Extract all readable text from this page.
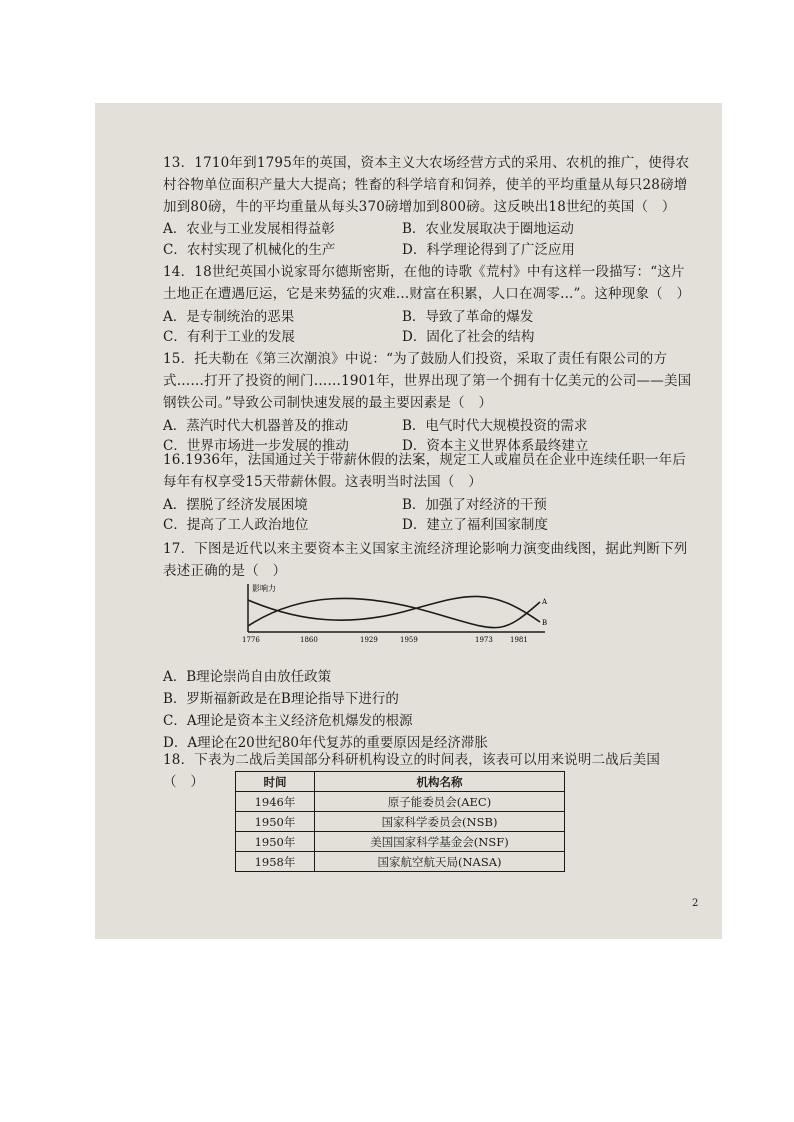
13．1710年到1795年的英国，资本主义大农场经营方式的采用、农机的推广，使得农村谷物单位面积产量大大提高；牲畜的科学培育和饲养，使羊的平均重量从每只28磅增加到80磅，牛的平均重量从每头370磅增加到800磅。这反映出18世纪的英国（　）
A．农业与工业发展相得益彰	B．农业发展取决于圈地运动
C．农村实现了机械化的生产	D．科学理论得到了广泛应用
14．18世纪英国小说家哥尔德斯密斯，在他的诗歌《荒村》中有这样一段描写：“这片土地正在遭遇厄运，它是来势猛的灾难...财富在积累，人口在凋零...”。这种现象（　）
A．是专制统治的恶果	B．导致了革命的爆发
C．有利于工业的发展	D．固化了社会的结构
15．托夫勒在《第三次潮浪》中说：“为了鼓励人们投资，采取了责任有限公司的方式……打开了投资的闸门……1901年，世界出现了第一个拥有十亿美元的公司——美国钢铁公司。”导致公司制快速发展的最主要因素是（　）
A．蒸汽时代大机器普及的推动	B．电气时代大规模投资的需求
C．世界市场进一步发展的推动	D．资本主义世界体系最终建立
16.1936年，法国通过关于带薪休假的法案，规定工人或雇员在企业中连续任职一年后每年有权享受15天带薪休假。这表明当时法国（　）
A．摆脱了经济发展困境	B．加强了对经济的干预
C．提高了工人政治地位	D．建立了福利国家制度
17．下图是近代以来主要资本主义国家主流经济理论影响力演变曲线图，据此判断下列表述正确的是（　）
影响力
A
B
1776	1860	1929	1959	1973 1981
A．B理论崇尚自由放任政策
B．罗斯福新政是在B理论指导下进行的
C．A理论是资本主义经济危机爆发的根源
D．A理论在20世纪80年代复苏的重要原因是经济滞胀
18．下表为二战后美国部分科研机构设立的时间表，该表可以用来说明二战后美国（　）	时间	机构名称
1946年	原子能委员会(AEC)
1950年	国家科学委员会(NSB)
1950年	美国国家科学基金会(NSF)
1958年	国家航空航天局(NASA)
2
